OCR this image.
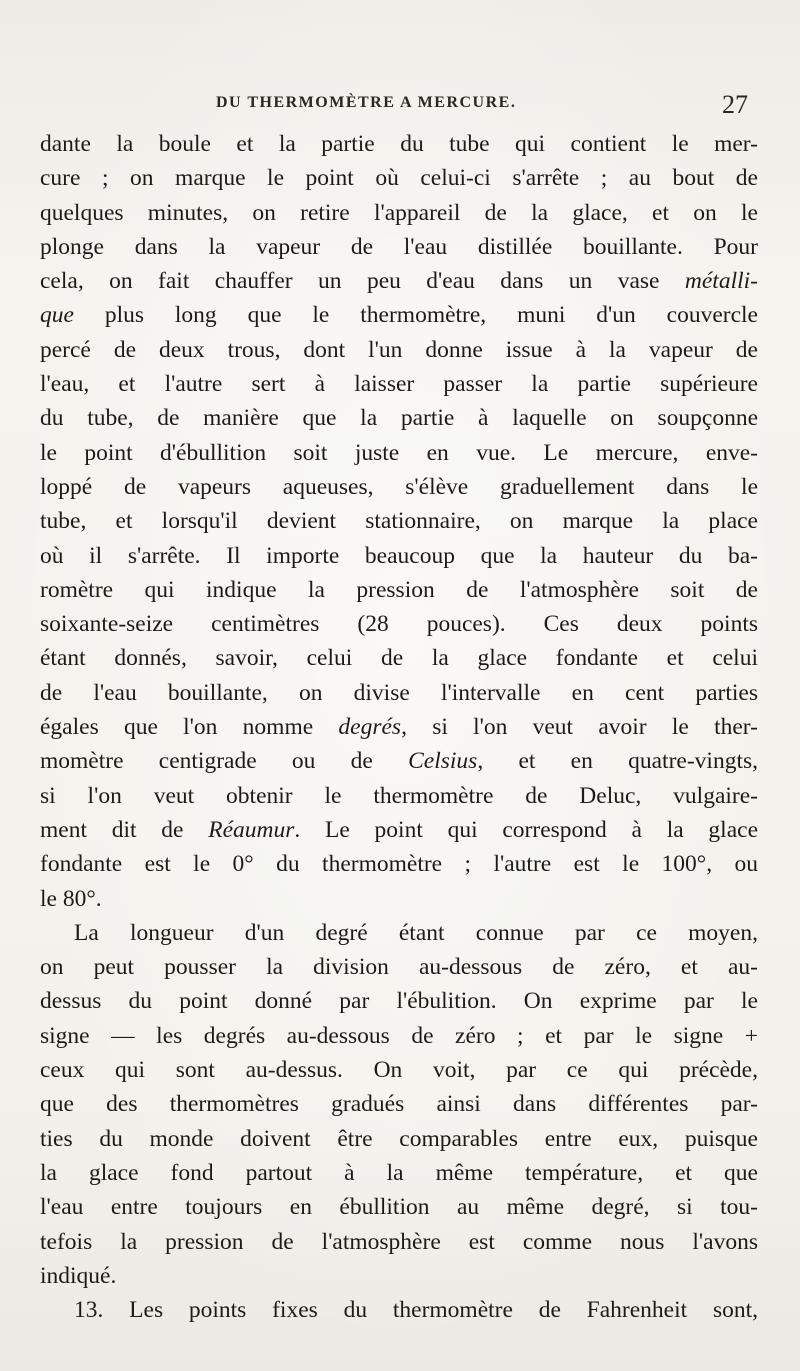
DU THERMOMÈTRE A MERCURE.	27
dante la boule et la partie du tube qui contient le mer-
cure ; on marque le point où celui-ci s'arrête ; au bout de
quelques minutes, on retire l'appareil de la glace, et on le
plonge dans la vapeur de l'eau distillée bouillante. Pour
cela, on fait chauffer un peu d'eau dans un vase métalli-
que plus long que le thermomètre, muni d'un couvercle
percé de deux trous, dont l'un donne issue à la vapeur de
l'eau, et l'autre sert à laisser passer la partie supérieure
du tube, de manière que la partie à laquelle on soupçonne
le point d'ébullition soit juste en vue. Le mercure, enve-
loppé de vapeurs aqueuses, s'élève graduellement dans le
tube, et lorsqu'il devient stationnaire, on marque la place
où il s'arrête. Il importe beaucoup que la hauteur du ba-
romètre qui indique la pression de l'atmosphère soit de
soixante-seize centimètres (28 pouces). Ces deux points
étant donnés, savoir, celui de la glace fondante et celui
de l'eau bouillante, on divise l'intervalle en cent parties
égales que l'on nomme degrés, si l'on veut avoir le ther-
momètre centigrade ou de Celsius, et en quatre-vingts,
si l'on veut obtenir le thermomètre de Deluc, vulgaire-
ment dit de Réaumur. Le point qui correspond à la glace
fondante est le 0° du thermomètre ; l'autre est le 100°, ou
le 80°.
La longueur d'un degré étant connue par ce moyen,
on peut pousser la division au-dessous de zéro, et au-
dessus du point donné par l'ébulition. On exprime par le
signe — les degrés au-dessous de zéro ; et par le signe +
ceux qui sont au-dessus. On voit, par ce qui précède,
que des thermomètres gradués ainsi dans différentes par-
ties du monde doivent être comparables entre eux, puisque
la glace fond partout à la même température, et que
l'eau entre toujours en ébullition au même degré, si tou-
tefois la pression de l'atmosphère est comme nous l'avons
indiqué.
13. Les points fixes du thermomètre de Fahrenheit sont,
